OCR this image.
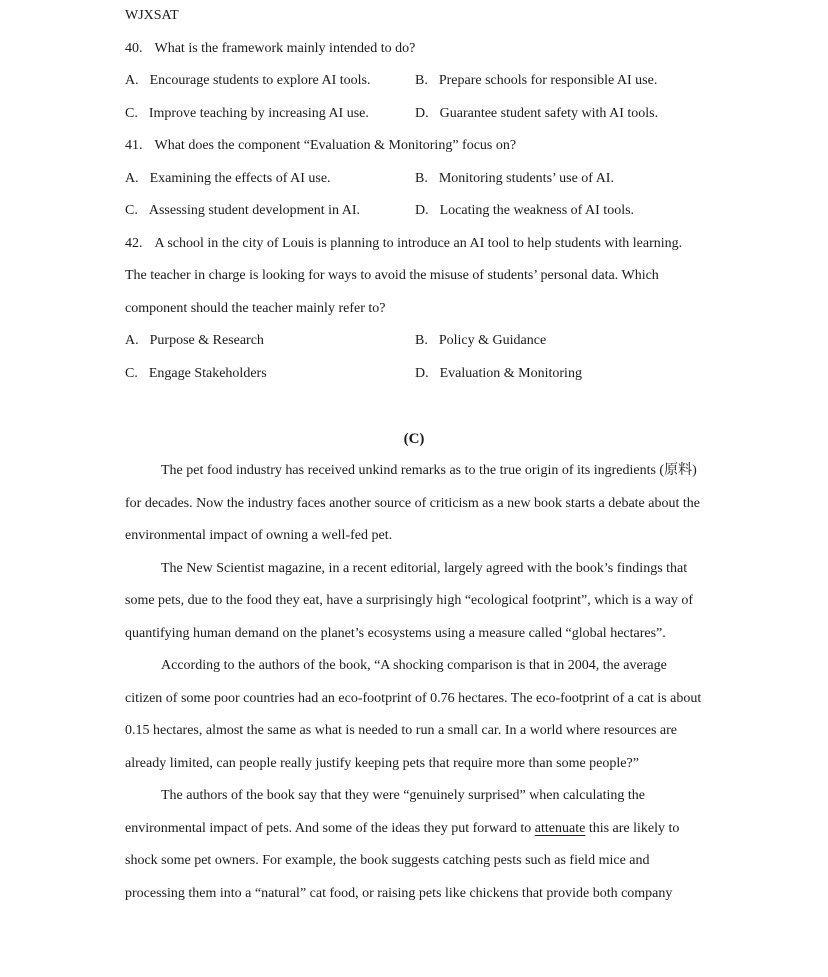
WJXSAT

40. What is the framework mainly intended to do?

A. Encourage students to explore AI tools.	B. Prepare schools for responsible AI use.
C. Improve teaching by increasing AI use.	D. Guarantee student safety with AI tools.

41. What does the component “Evaluation & Monitoring” focus on?

A. Examining the effects of AI use.	B. Monitoring students’ use of AI.
C. Assessing student development in AI.	D. Locating the weakness of AI tools.

42. A school in the city of Louis is planning to introduce an AI tool to help students with learning. The teacher in charge is looking for ways to avoid the misuse of students’ personal data. Which component should the teacher mainly refer to?

A. Purpose & Research	B. Policy & Guidance
C. Engage Stakeholders	D. Evaluation & Monitoring
(C)

The pet food industry has received unkind remarks as to the true origin of its ingredients (原料) for decades. Now the industry faces another source of criticism as a new book starts a debate about the environmental impact of owning a well-fed pet.

The New Scientist magazine, in a recent editorial, largely agreed with the book’s findings that some pets, due to the food they eat, have a surprisingly high “ecological footprint”, which is a way of quantifying human demand on the planet’s ecosystems using a measure called “global hectares”.

According to the authors of the book, “A shocking comparison is that in 2004, the average citizen of some poor countries had an eco-footprint of 0.76 hectares. The eco-footprint of a cat is about 0.15 hectares, almost the same as what is needed to run a small car. In a world where resources are already limited, can people really justify keeping pets that require more than some people?”

The authors of the book say that they were “genuinely surprised” when calculating the environmental impact of pets. And some of the ideas they put forward to attenuate this are likely to shock some pet owners. For example, the book suggests catching pests such as field mice and processing them into a “natural” cat food, or raising pets like chickens that provide both company
